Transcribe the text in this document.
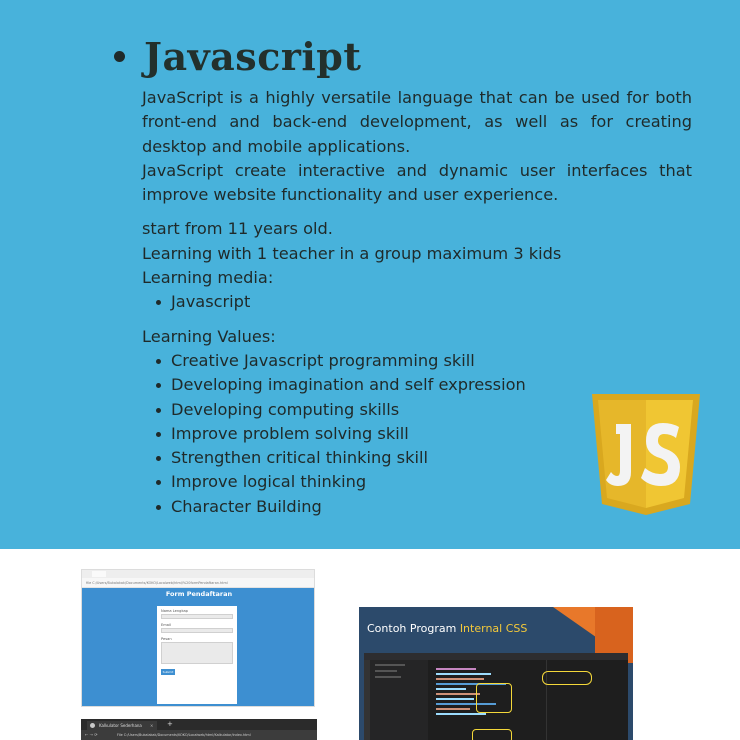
Javascript

JavaScript is a highly versatile language that can be used for both front-end and back-end development, as well as for creating desktop and mobile applications.

JavaScript create interactive and dynamic user interfaces that improve website functionality and user experience.

start from 11 years old.

Learning with 1 teacher in a group maximum 3 kids

Learning media:

Javascript

Learning Values:

Creative Javascript programming skill
Developing imagination and self expression
Developing computing skills
Improve problem solving skill
Strengthen critical thinking skill
Improve logical thinking
Character Building
file C:/Users/Bukalakak/Documents/KOKO/Localweb/html/%20formPendaftaran.html
Form Pendaftaran
Nama Lengkap
Email
Pesan
Submit
Kalkulator Sederhana × +
← → ⟳	File C:/Users/Bukalakak/Documents/KOKO/Localweb/html/Kalkulator/index.html
Contoh Program Internal CSS
